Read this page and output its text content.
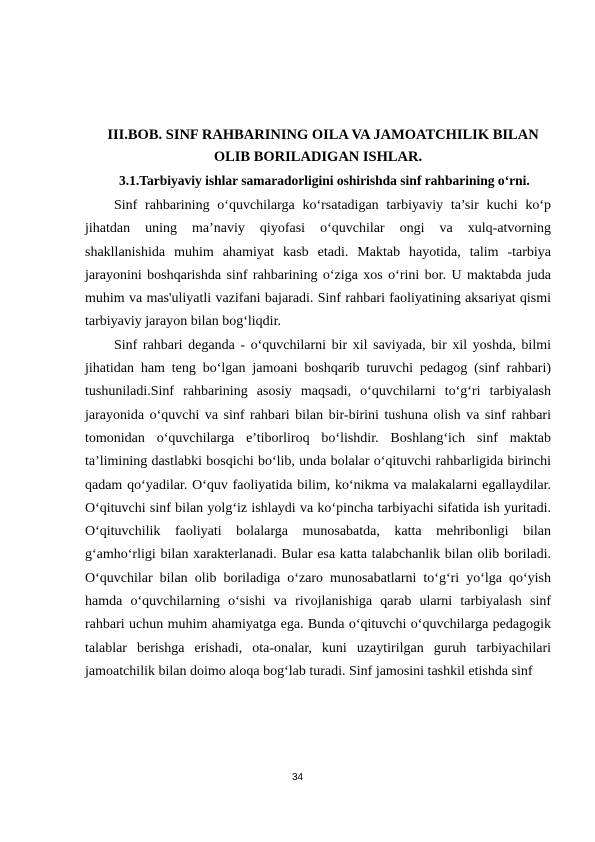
III.BOB. SINF RAHBARINING OILA VA JAMOATCHILIK BILAN OLIB BORILADIGAN ISHLAR.
3.1.Tarbiyaviy ishlar samaradorligini oshirishda sinf rahbarining o‘rni.

Sinf rahbarining o‘quvchilarga ko‘rsatadigan tarbiyaviy ta’sir kuchi ko‘p jihatdan uning ma’naviy qiyofasi o‘quvchilar ongi va xulq-atvorning shakllanishida muhim ahamiyat kasb etadi. Maktab hayotida, talim -tarbiya jarayonini boshqarishda sinf rahbarining o‘ziga xos o‘rini bor. U maktabda juda muhim va mas'uliyatli vazifani bajaradi. Sinf rahbari faoliyatining aksariyat qismi tarbiyaviy jarayon bilan bog‘liqdir.

Sinf rahbari deganda - o‘quvchilarni bir xil saviyada, bir xil yoshda, bilmi jihatidan ham teng bo‘lgan jamoani boshqarib turuvchi pedagog (sinf rahbari) tushuniladi.Sinf rahbarining asosiy maqsadi, o‘quvchilarni to‘g‘ri tarbiyalash jarayonida o‘quvchi va sinf rahbari bilan bir-birini tushuna olish va sinf rahbari tomonidan o‘quvchilarga e’tiborliroq bo‘lishdir. Boshlang‘ich sinf maktab ta’limining dastlabki bosqichi bo‘lib, unda bolalar o‘qituvchi rahbarligida birinchi qadam qo‘yadilar. O‘quv faoliyatida bilim, ko‘nikma va malakalarni egallaydilar. O‘qituvchi sinf bilan yolg‘iz ishlaydi va ko‘pincha tarbiyachi sifatida ish yuritadi. O‘qituvchilik faoliyati bolalarga munosabatda, katta mehribonligi bilan g‘amho‘rligi bilan xarakterlanadi. Bular esa katta talabchanlik bilan olib boriladi. O‘quvchilar bilan olib boriladiga o‘zaro munosabatlarni to‘g‘ri yo‘lga qo‘yish hamda o‘quvchilarning o‘sishi va rivojlanishiga qarab ularni tarbiyalash sinf rahbari uchun muhim ahamiyatga ega. Bunda o‘qituvchi o‘quvchilarga pedagogik talablar berishga erishadi, ota-onalar, kuni uzaytirilgan guruh tarbiyachilari jamoatchilik bilan doimo aloqa bog‘lab turadi. Sinf jamosini tashkil etishda sinf

34
